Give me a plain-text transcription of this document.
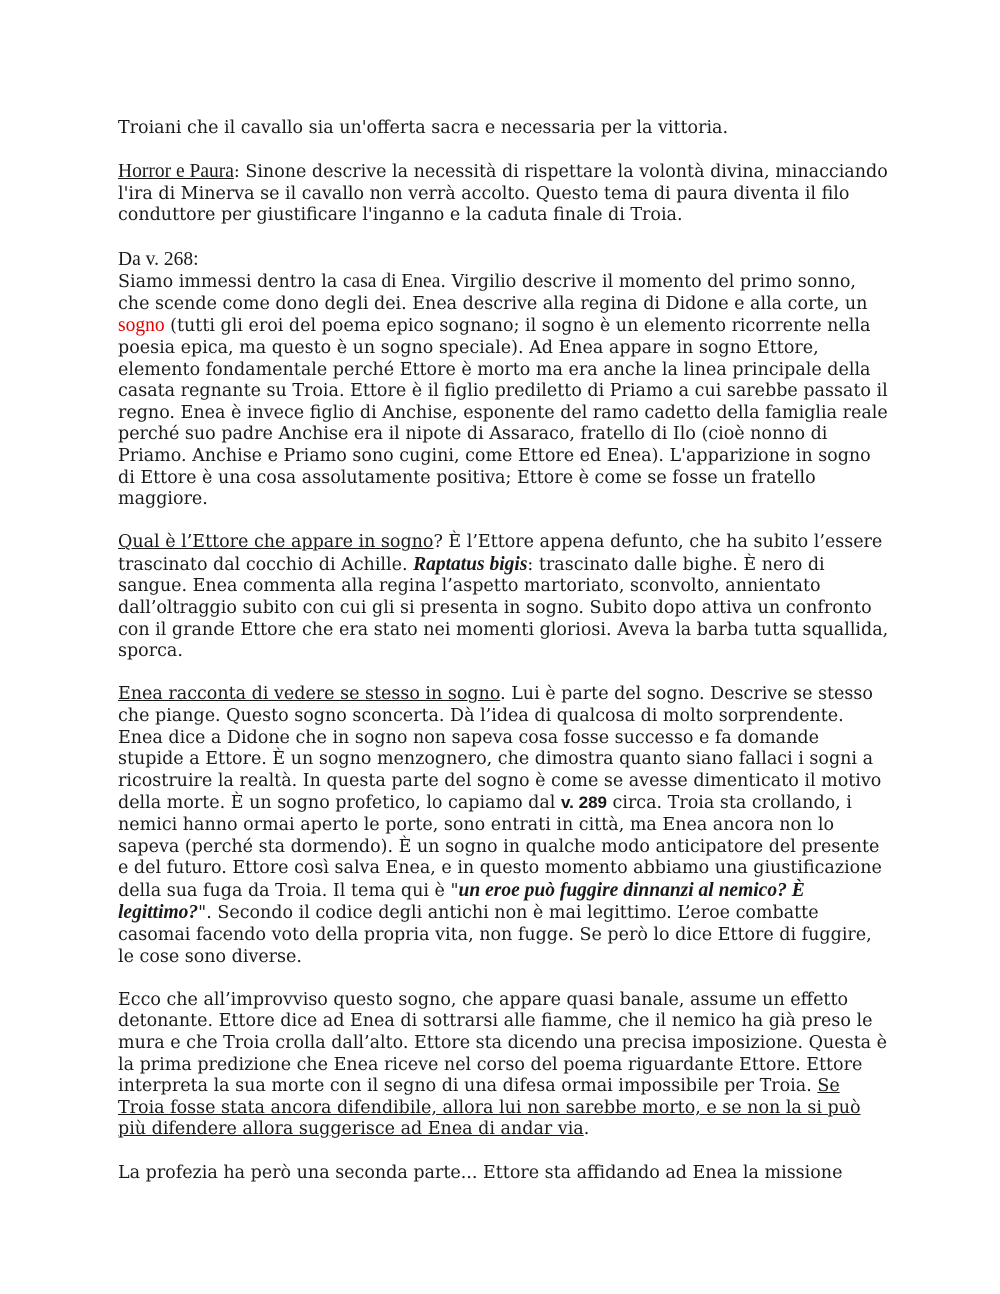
Troiani che il cavallo sia un'offerta sacra e necessaria per la vittoria.

Horror e Paura: Sinone descrive la necessità di rispettare la volontà divina, minacciando l'ira di Minerva se il cavallo non verrà accolto. Questo tema di paura diventa il filo conduttore per giustificare l'inganno e la caduta finale di Troia.

Da v. 268:

Siamo immessi dentro la casa di Enea. Virgilio descrive il momento del primo sonno, che scende come dono degli dei. Enea descrive alla regina di Didone e alla corte, un sogno (tutti gli eroi del poema epico sognano; il sogno è un elemento ricorrente nella poesia epica, ma questo è un sogno speciale). Ad Enea appare in sogno Ettore, elemento fondamentale perché Ettore è morto ma era anche la linea principale della casata regnante su Troia. Ettore è il figlio prediletto di Priamo a cui sarebbe passato il regno. Enea è invece figlio di Anchise, esponente del ramo cadetto della famiglia reale perché suo padre Anchise era il nipote di Assaraco, fratello di Ilo (cioè nonno di Priamo. Anchise e Priamo sono cugini, come Ettore ed Enea). L'apparizione in sogno di Ettore è una cosa assolutamente positiva; Ettore è come se fosse un fratello maggiore.

Qual è l’Ettore che appare in sogno? È l’Ettore appena defunto, che ha subito l’essere trascinato dal cocchio di Achille. Raptatus bigis: trascinato dalle bighe. È nero di sangue. Enea commenta alla regina l’aspetto martoriato, sconvolto, annientato dall’oltraggio subito con cui gli si presenta in sogno. Subito dopo attiva un confronto con il grande Ettore che era stato nei momenti gloriosi. Aveva la barba tutta squallida, sporca.

Enea racconta di vedere se stesso in sogno. Lui è parte del sogno. Descrive se stesso che piange. Questo sogno sconcerta. Dà l’idea di qualcosa di molto sorprendente. Enea dice a Didone che in sogno non sapeva cosa fosse successo e fa domande stupide a Ettore. È un sogno menzognero, che dimostra quanto siano fallaci i sogni a ricostruire la realtà. In questa parte del sogno è come se avesse dimenticato il motivo della morte. È un sogno profetico, lo capiamo dal v. 289 circa. Troia sta crollando, i nemici hanno ormai aperto le porte, sono entrati in città, ma Enea ancora non lo sapeva (perché sta dormendo). È un sogno in qualche modo anticipatore del presente e del futuro. Ettore così salva Enea, e in questo momento abbiamo una giustificazione della sua fuga da Troia. Il tema qui è "un eroe può fuggire dinnanzi al nemico? È legittimo?". Secondo il codice degli antichi non è mai legittimo. L’eroe combatte casomai facendo voto della propria vita, non fugge. Se però lo dice Ettore di fuggire, le cose sono diverse.

Ecco che all’improvviso questo sogno, che appare quasi banale, assume un effetto detonante. Ettore dice ad Enea di sottrarsi alle fiamme, che il nemico ha già preso le mura e che Troia crolla dall’alto. Ettore sta dicendo una precisa imposizione. Questa è la prima predizione che Enea riceve nel corso del poema riguardante Ettore. Ettore interpreta la sua morte con il segno di una difesa ormai impossibile per Troia. Se Troia fosse stata ancora difendibile, allora lui non sarebbe morto, e se non la si può più difendere allora suggerisce ad Enea di andar via.

La profezia ha però una seconda parte... Ettore sta affidando ad Enea la missione
